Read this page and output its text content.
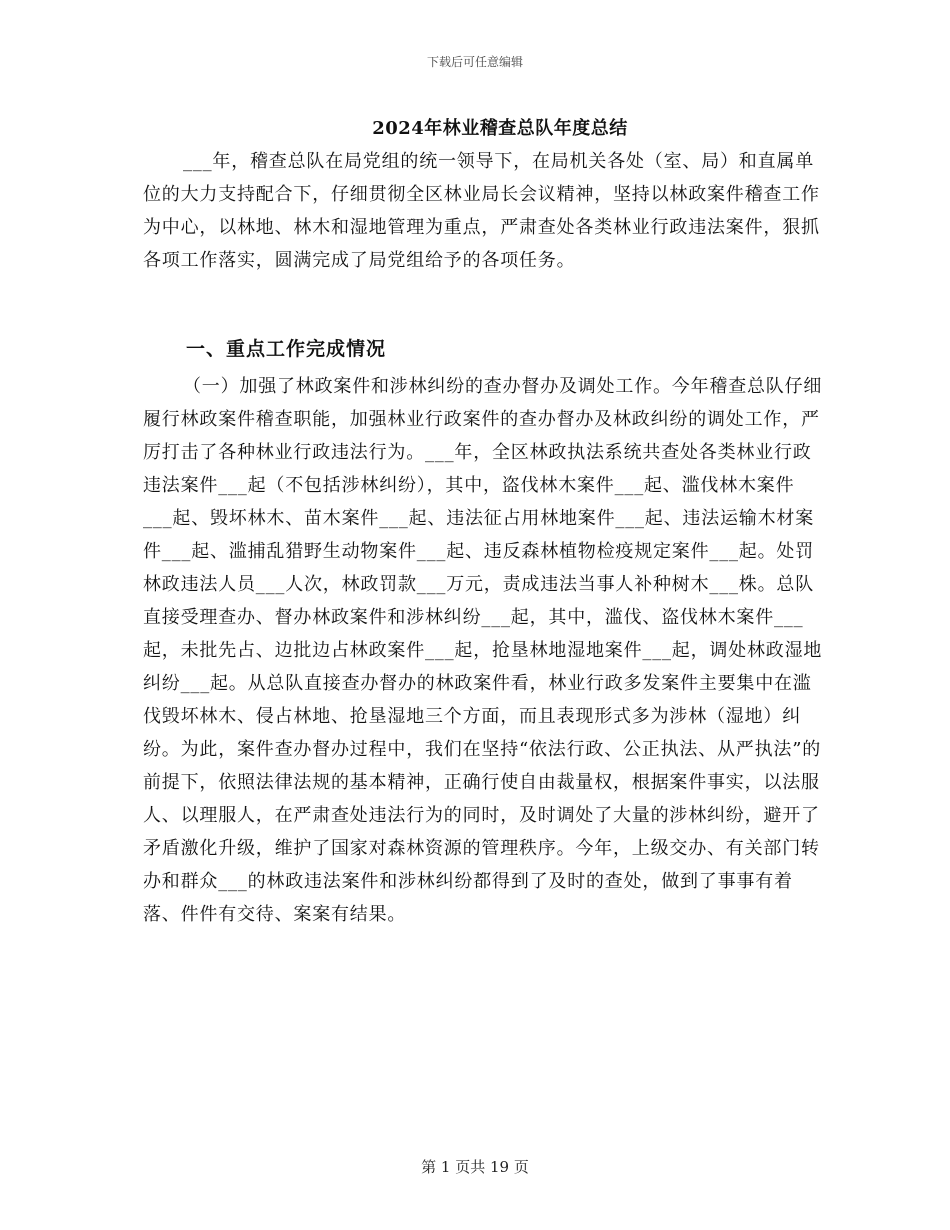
下载后可任意编辑
2024年林业稽查总队年度总结

___年，稽查总队在局党组的统一领导下，在局机关各处（室、局）和直属单位的大力支持配合下，仔细贯彻全区林业局长会议精神，坚持以林政案件稽查工作为中心，以林地、林木和湿地管理为重点，严肃查处各类林业行政违法案件，狠抓各项工作落实，圆满完成了局党组给予的各项任务。

一、重点工作完成情况

（一）加强了林政案件和涉林纠纷的查办督办及调处工作。今年稽查总队仔细履行林政案件稽查职能，加强林业行政案件的查办督办及林政纠纷的调处工作，严厉打击了各种林业行政违法行为。___年，全区林政执法系统共查处各类林业行政违法案件___起（不包括涉林纠纷），其中，盗伐林木案件___起、滥伐林木案件___起、毁坏林木、苗木案件___起、违法征占用林地案件___起、违法运输木材案件___起、滥捕乱猎野生动物案件___起、违反森林植物检疫规定案件___起。处罚林政违法人员___人次，林政罚款___万元，责成违法当事人补种树木___株。总队直接受理查办、督办林政案件和涉林纠纷___起，其中，滥伐、盗伐林木案件___起，未批先占、边批边占林政案件___起，抢垦林地湿地案件___起，调处林政湿地纠纷___起。从总队直接查办督办的林政案件看，林业行政多发案件主要集中在滥伐毁坏林木、侵占林地、抢垦湿地三个方面，而且表现形式多为涉林（湿地）纠纷。为此，案件查办督办过程中，我们在坚持“依法行政、公正执法、从严执法”的前提下，依照法律法规的基本精神，正确行使自由裁量权，根据案件事实，以法服人、以理服人，在严肃查处违法行为的同时，及时调处了大量的涉林纠纷，避开了矛盾激化升级，维护了国家对森林资源的管理秩序。今年，上级交办、有关部门转办和群众___的林政违法案件和涉林纠纷都得到了及时的查处，做到了事事有着落、件件有交待、案案有结果。

第 1 页共 19 页
